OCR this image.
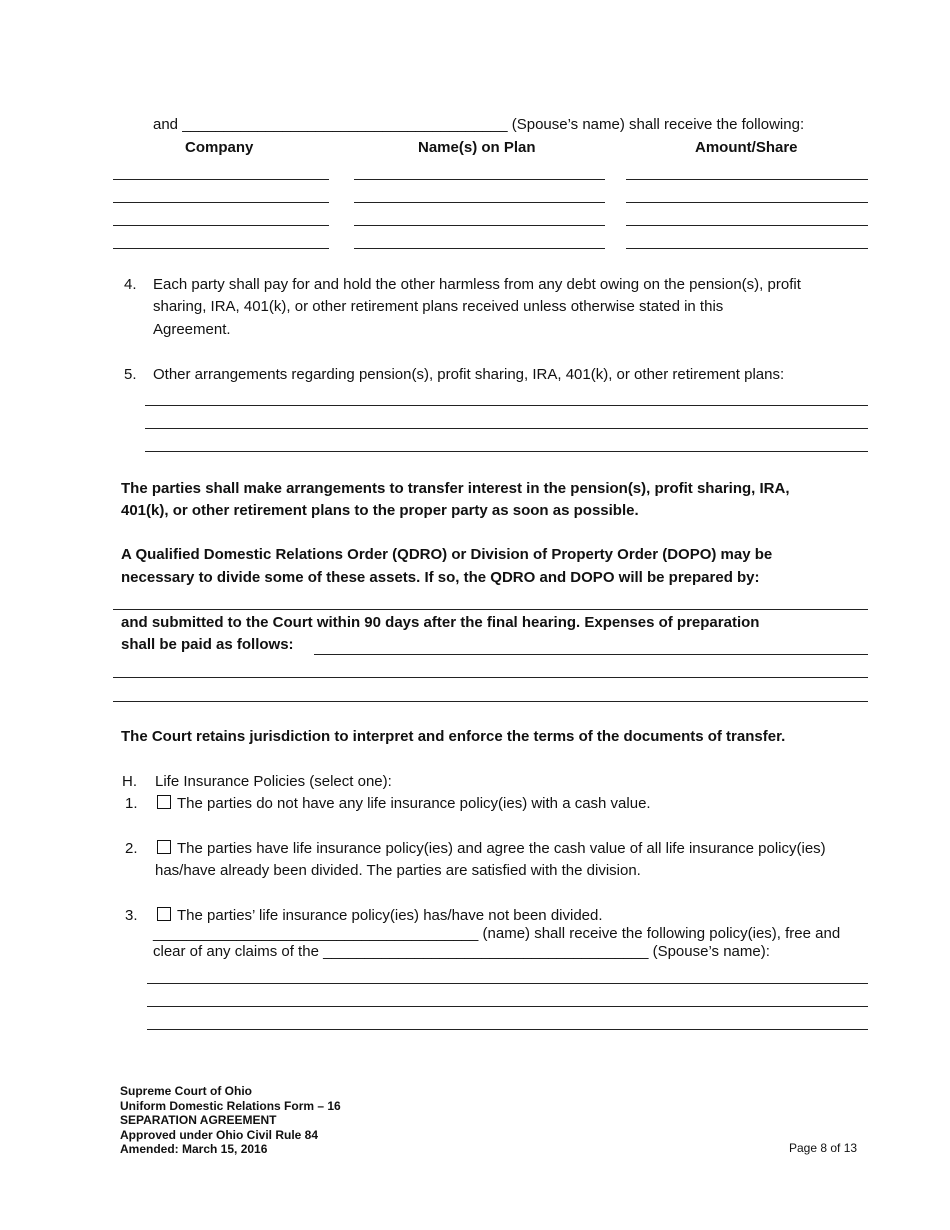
and _______________________________________ (Spouse’s name) shall receive the following:
Company	Name(s) on Plan	Amount/Share
4. Each party shall pay for and hold the other harmless from any debt owing on the pension(s), profit
sharing, IRA, 401(k), or other retirement plans received unless otherwise stated in this
Agreement.
5. Other arrangements regarding pension(s), profit sharing, IRA, 401(k), or other retirement plans:
The parties shall make arrangements to transfer interest in the pension(s), profit sharing, IRA,
401(k), or other retirement plans to the proper party as soon as possible.
A Qualified Domestic Relations Order (QDRO) or Division of Property Order (DOPO) may be
necessary to divide some of these assets. If so, the QDRO and DOPO will be prepared by:
and submitted to the Court within 90 days after the final hearing. Expenses of preparation
shall be paid as follows:
The Court retains jurisdiction to interpret and enforce the terms of the documents of transfer.
H. Life Insurance Policies (select one):
1.	The parties do not have any life insurance policy(ies) with a cash value.
2.	The parties have life insurance policy(ies) and agree the cash value of all life insurance policy(ies)
has/have already been divided. The parties are satisfied with the division.
3.	The parties’ life insurance policy(ies) has/have not been divided.
_______________________________________ (name) shall receive the following policy(ies), free and
clear of any claims of the _______________________________________ (Spouse’s name):
Supreme Court of Ohio
Uniform Domestic Relations Form – 16
SEPARATION AGREEMENT
Approved under Ohio Civil Rule 84
Amended: March 15, 2016	Page 8 of 13
